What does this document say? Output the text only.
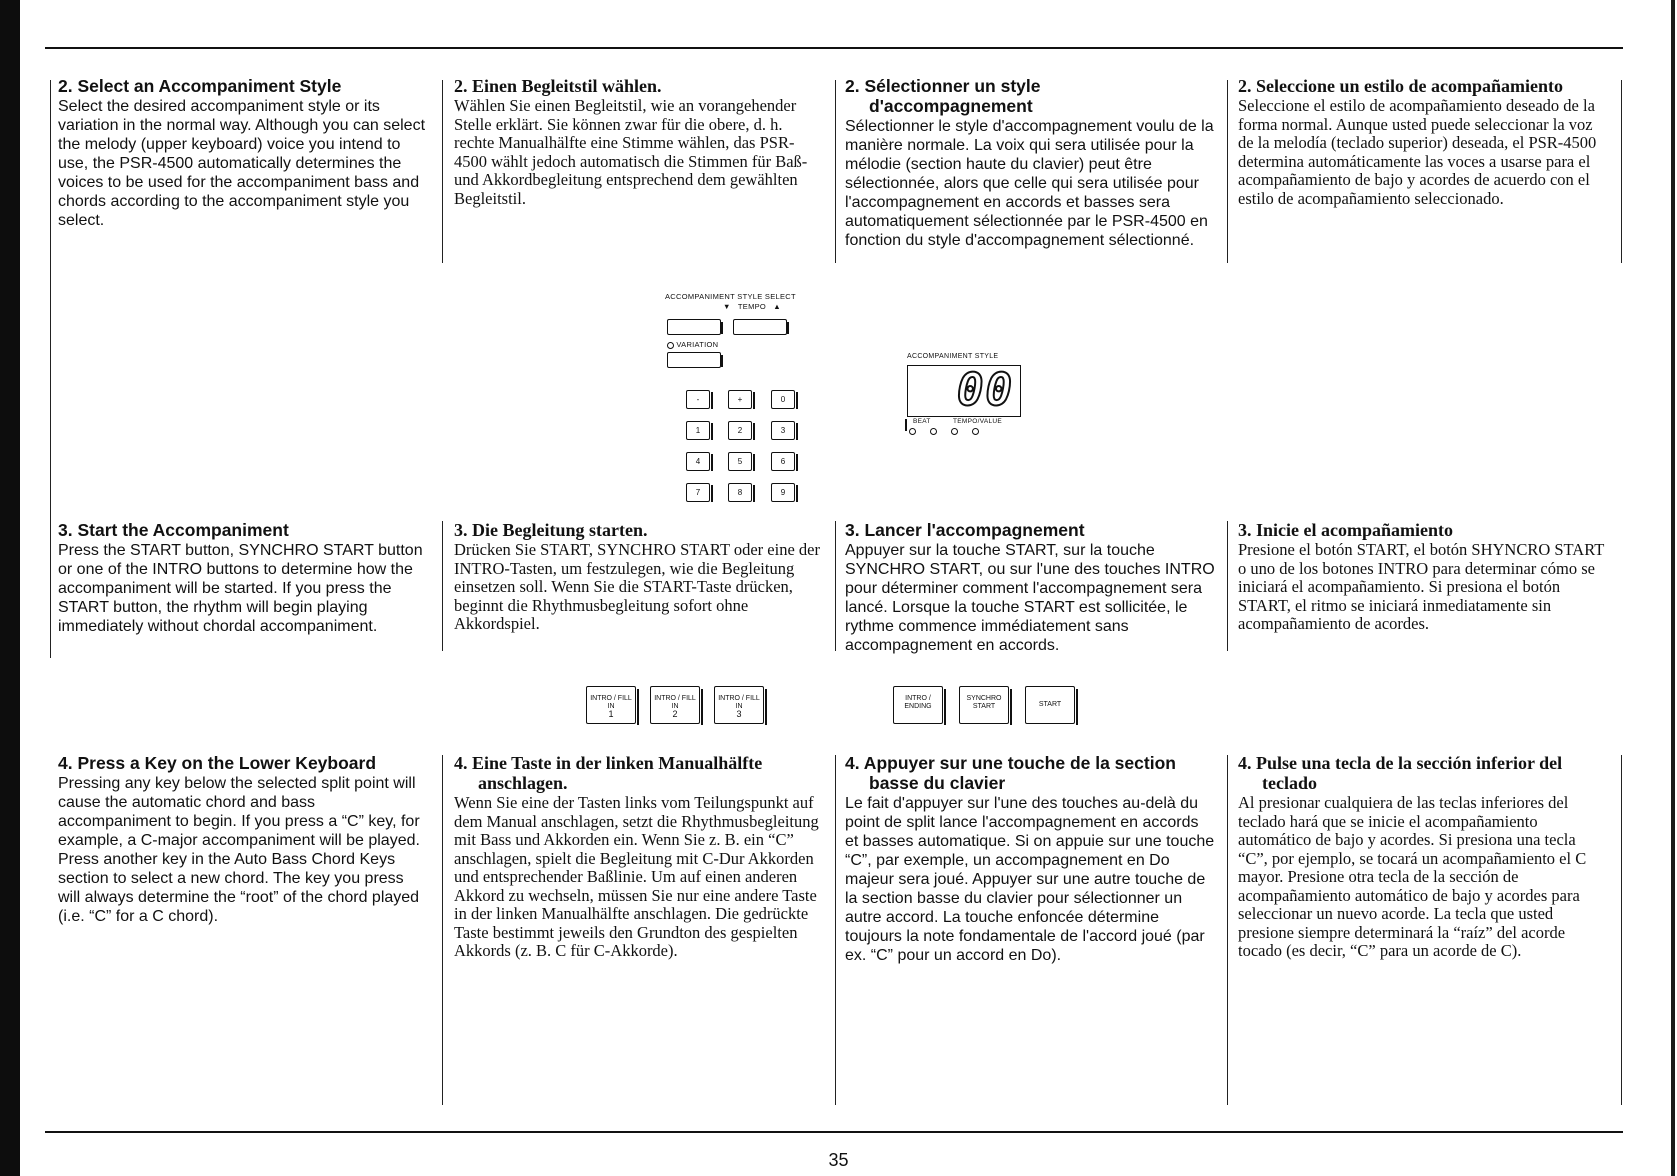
2. Select an Accompaniment Style

Select the desired accompaniment style or its variation in the normal way. Although you can select the melody (upper keyboard) voice you intend to use, the PSR-4500 automatically determines the voices to be used for the accompaniment bass and chords according to the accompaniment style you select.

2. Einen Begleitstil wählen.

Wählen Sie einen Begleitstil, wie an vorangehender Stelle erklärt. Sie können zwar für die obere, d. h. rechte Manualhälfte eine Stimme wählen, das PSR-4500 wählt jedoch automatisch die Stimmen für Baß- und Akkordbegleitung entsprechend dem gewählten Begleitstil.

2. Sélectionner un style
d'accompagnement

Sélectionner le style d'accompagnement voulu de la manière normale. La voix qui sera utilisée pour la mélodie (section haute du clavier) peut être sélectionnée, alors que celle qui sera utilisée pour l'accompagnement en accords et basses sera automatiquement sélectionnée par le PSR-4500 en fonction du style d'accompagnement sélectionné.

2. Seleccione un estilo de acompañamiento

Seleccione el estilo de acompañamiento deseado de la forma normal. Aunque usted puede seleccionar la voz de la melodía (teclado superior) deseada, el PSR-4500 determina automáticamente las voces a usarse para el acompañamiento de bajo y acordes de acuerdo con el estilo de acompañamiento seleccionado.

ACCOMPANIMENT STYLE SELECT
▼ TEMPO ▲
VARIATION
-	+	0
1	2	3
4	5	6
7	8	9
ACCOMPANIMENT STYLE
00
BEAT	TEMPO/VALUE
3. Start the Accompaniment

Press the START button, SYNCHRO START button or one of the INTRO buttons to determine how the accompaniment will be started. If you press the START button, the rhythm will begin playing immediately without chordal accompaniment.

3. Die Begleitung starten.

Drücken Sie START, SYNCHRO START oder eine der INTRO-Tasten, um festzulegen, wie die Begleitung einsetzen soll. Wenn Sie die START-Taste drücken, beginnt die Rhythmusbegleitung sofort ohne Akkordspiel.

3. Lancer l'accompagnement

Appuyer sur la touche START, sur la touche SYNCHRO START, ou sur l'une des touches INTRO pour déterminer comment l'accompagnement sera lancé. Lorsque la touche START est sollicitée, le rythme commence immédiatement sans accompagnement en accords.

3. Inicie el acompañamiento

Presione el botón START, el botón SHYNCRO START o uno de los botones INTRO para determinar cómo se iniciará el acompañamiento. Si presiona el botón START, el ritmo se iniciará inmediatamente sin acompañamiento de acordes.

INTRO / FILL IN
1
INTRO / FILL IN
2
INTRO / FILL IN
3
INTRO / ENDING
SYNCHRO START	START
4. Press a Key on the Lower Keyboard

Pressing any key below the selected split point will cause the automatic chord and bass accompaniment to begin. If you press a “C” key, for example, a C-major accompaniment will be played. Press another key in the Auto Bass Chord Keys section to select a new chord. The key you press will always determine the “root” of the chord played (i.e. “C” for a C chord).

4. Eine Taste in der linken Manualhälfte
anschlagen.

Wenn Sie eine der Tasten links vom Teilungspunkt auf dem Manual anschlagen, setzt die Rhythmusbegleitung mit Bass und Akkorden ein. Wenn Sie z. B. ein “C” anschlagen, spielt die Begleitung mit C-Dur Akkorden und entsprechender Baßlinie. Um auf einen anderen Akkord zu wechseln, müssen Sie nur eine andere Taste in der linken Manualhälfte anschlagen. Die gedrückte Taste bestimmt jeweils den Grundton des gespielten Akkords (z. B. C für C-Akkorde).

4. Appuyer sur une touche de la section
basse du clavier

Le fait d'appuyer sur l'une des touches au-delà du point de split lance l'accompagnement en accords et basses automatique. Si on appuie sur une touche “C”, par exemple, un accompagnement en Do majeur sera joué. Appuyer sur une autre touche de la section basse du clavier pour sélectionner un autre accord. La touche enfoncée détermine toujours la note fondamentale de l'accord joué (par ex. “C” pour un accord en Do).

4. Pulse una tecla de la sección inferior del
teclado

Al presionar cualquiera de las teclas inferiores del teclado hará que se inicie el acompañamiento automático de bajo y acordes. Si presiona una tecla “C”, por ejemplo, se tocará un acompañamiento el C mayor. Presione otra tecla de la sección de acompañamiento automático de bajo y acordes para seleccionar un nuevo acorde. La tecla que usted presione siempre determinará la “raíz” del acorde tocado (es decir, “C” para un acorde de C).

35
